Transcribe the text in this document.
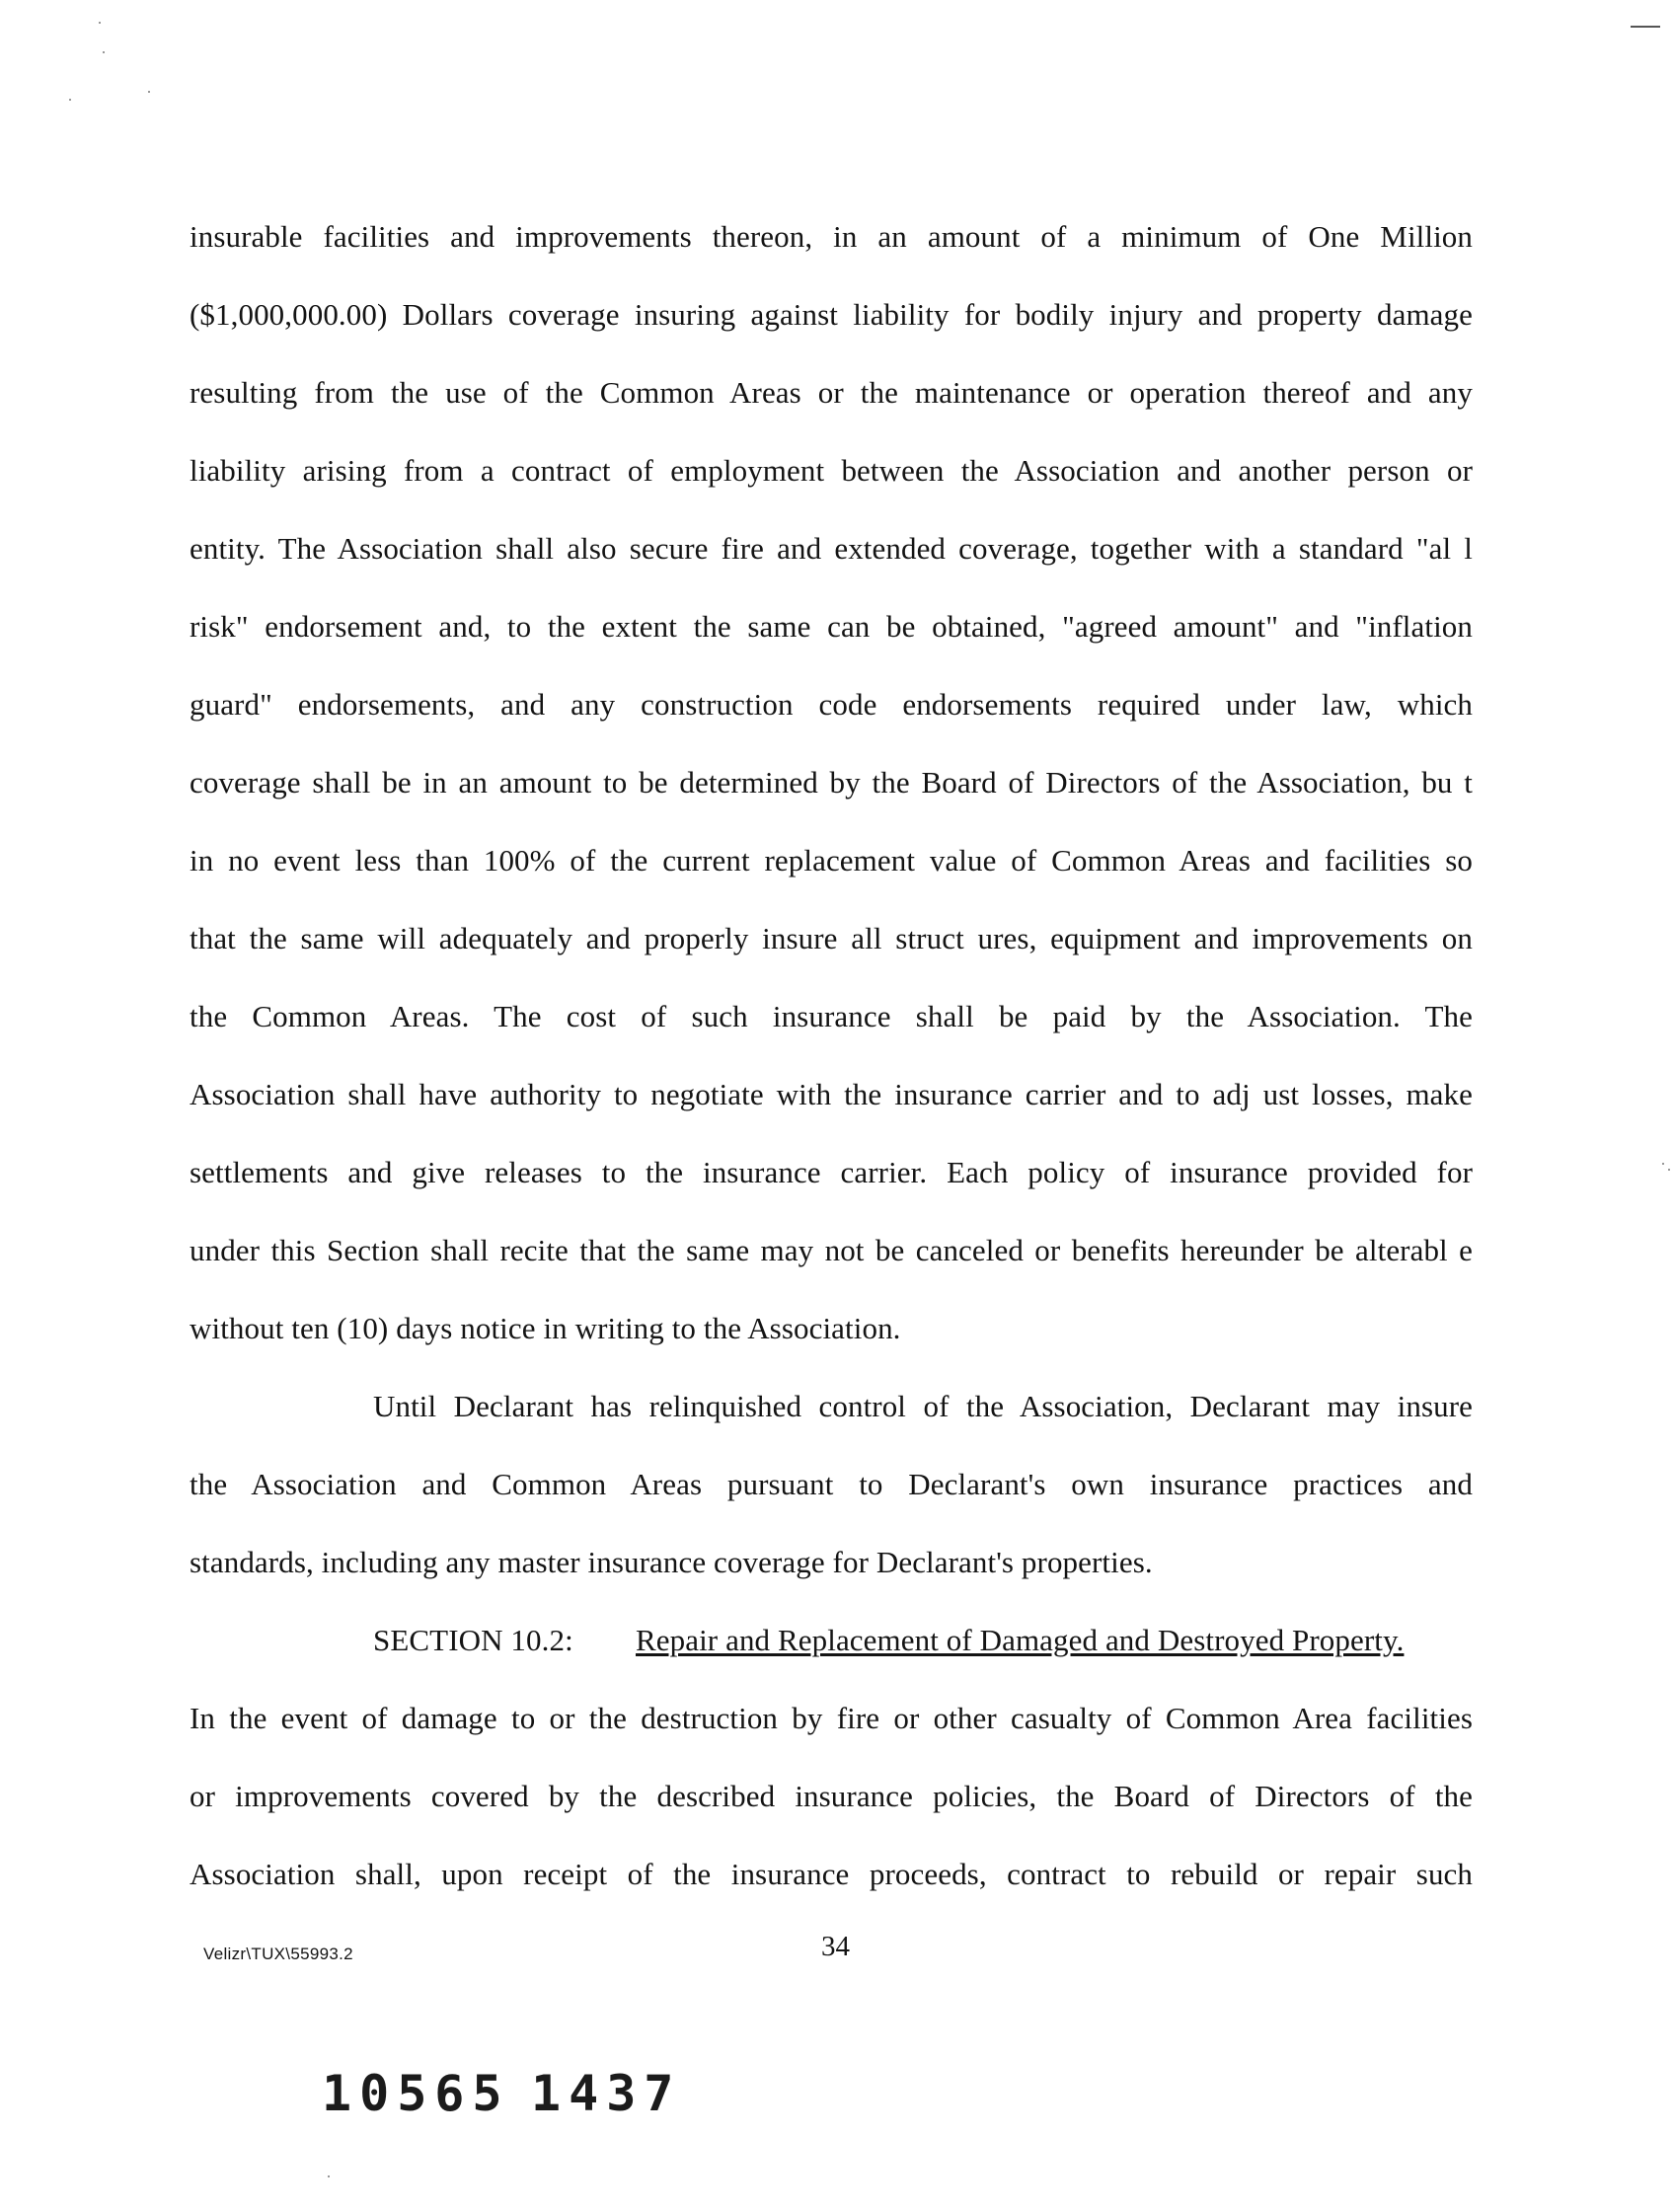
insurable facilities and improvements thereon, in an amount of a minimum of One Million
($1,000,000.00) Dollars coverage insuring against liability for bodily injury and property damage
resulting from the use of the Common Areas or the maintenance or operation thereof and any
liability arising from a contract of employment between the Association and another person or
entity. The Association shall also secure fire and extended coverage, together with a standard "al l
risk" endorsement and, to the extent the same can be obtained, "agreed amount" and "inflation
guard" endorsements, and any construction code endorsements required under law, which
coverage shall be in an amount to be determined by the Board of Directors of the Association, bu t
in no event less than 100% of the current replacement value of Common Areas and facilities so
that the same will adequately and properly insure all struct ures, equipment and improvements on
the Common Areas. The cost of such insurance shall be paid by the Association. The
Association shall have authority to negotiate with the insurance carrier and to adj ust losses, make
settlements and give releases to the insurance carrier. Each policy of insurance provided for
under this Section shall recite that the same may not be canceled or benefits hereunder be alterabl e
without ten (10) days notice in writing to the Association.
Until Declarant has relinquished control of the Association, Declarant may insure
the Association and Common Areas pursuant to Declarant's own insurance practices and
standards, including any master insurance coverage for Declarant's properties.
SECTION 10.2: Repair and Replacement of Damaged and Destroyed Property.
In the event of damage to or the destruction by fire or other casualty of Common Area facilities
or improvements covered by the described insurance policies, the Board of Directors of the
Association shall, upon receipt of the insurance proceeds, contract to rebuild or repair such
Velizr\TUX\55993.2	34
10565 1437
